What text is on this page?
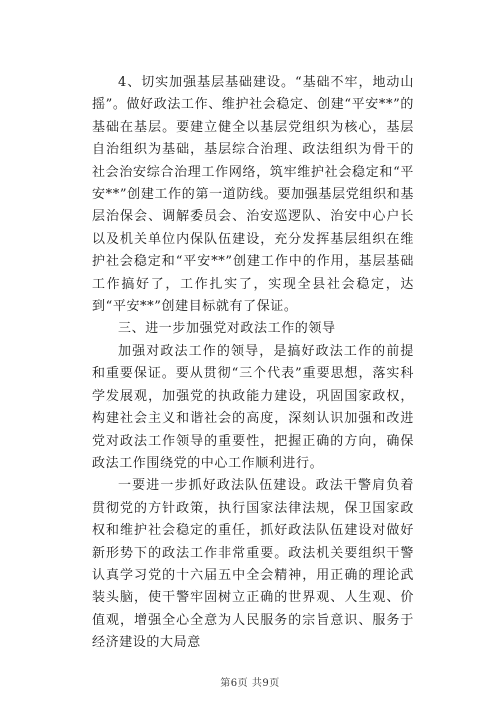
4、切实加强基层基础建设。“基础不牢，地动山摇”。做好政法工作、维护社会稳定、创建“平安**”的基础在基层。要建立健全以基层党组织为核心，基层自治组织为基础，基层综合治理、政法组织为骨干的社会治安综合治理工作网络，筑牢维护社会稳定和“平安**”创建工作的第一道防线。要加强基层党组织和基层治保会、调解委员会、治安巡逻队、治安中心户长以及机关单位内保队伍建设，充分发挥基层组织在维护社会稳定和“平安**”创建工作中的作用，基层基础工作搞好了，工作扎实了，实现全县社会稳定，达到“平安**”创建目标就有了保证。

三、进一步加强党对政法工作的领导

加强对政法工作的领导，是搞好政法工作的前提和重要保证。要从贯彻“三个代表”重要思想，落实科学发展观，加强党的执政能力建设，巩固国家政权，构建社会主义和谐社会的高度，深刻认识加强和改进党对政法工作领导的重要性，把握正确的方向，确保政法工作围绕党的中心工作顺利进行。

一要进一步抓好政法队伍建设。政法干警肩负着贯彻党的方针政策，执行国家法律法规，保卫国家政权和维护社会稳定的重任，抓好政法队伍建设对做好新形势下的政法工作非常重要。政法机关要组织干警认真学习党的十六届五中全会精神，用正确的理论武装头脑，使干警牢固树立正确的世界观、人生观、价值观，增强全心全意为人民服务的宗旨意识、服务于经济建设的大局意

第6页 共9页
